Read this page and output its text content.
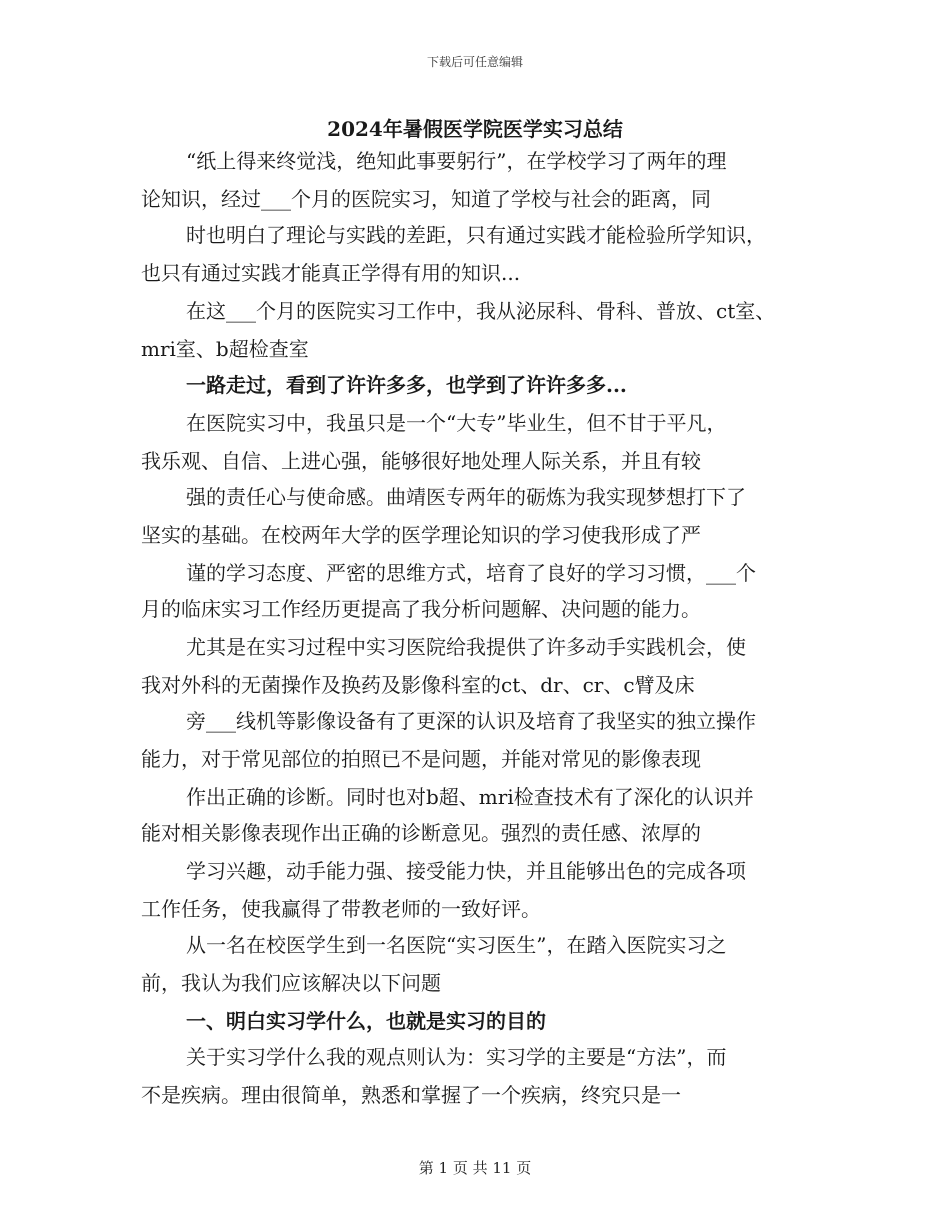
下载后可任意编辑
2024年暑假医学院医学实习总结
“纸上得来终觉浅，绝知此事要躬行”，在学校学习了两年的理
论知识，经过___个月的医院实习，知道了学校与社会的距离，同
时也明白了理论与实践的差距，只有通过实践才能检验所学知识，
也只有通过实践才能真正学得有用的知识...
在这___个月的医院实习工作中，我从泌尿科、骨科、普放、ct室、
mri室、b超检查室
一路走过，看到了许许多多，也学到了许许多多...
在医院实习中，我虽只是一个“大专”毕业生，但不甘于平凡，
我乐观、自信、上进心强，能够很好地处理人际关系，并且有较
强的责任心与使命感。曲靖医专两年的砺炼为我实现梦想打下了
坚实的基础。在校两年大学的医学理论知识的学习使我形成了严
谨的学习态度、严密的思维方式，培育了良好的学习习惯，___个
月的临床实习工作经历更提高了我分析问题解、决问题的能力。
尤其是在实习过程中实习医院给我提供了许多动手实践机会，使
我对外科的无菌操作及换药及影像科室的ct、dr、cr、c臂及床
旁___线机等影像设备有了更深的认识及培育了我坚实的独立操作
能力，对于常见部位的拍照已不是问题，并能对常见的影像表现
作出正确的诊断。同时也对b超、mri检查技术有了深化的认识并
能对相关影像表现作出正确的诊断意见。强烈的责任感、浓厚的
学习兴趣，动手能力强、接受能力快，并且能够出色的完成各项
工作任务，使我赢得了带教老师的一致好评。
从一名在校医学生到一名医院“实习医生”，在踏入医院实习之
前，我认为我们应该解决以下问题
一、明白实习学什么，也就是实习的目的
关于实习学什么我的观点则认为：实习学的主要是“方法”，而
不是疾病。理由很简单，熟悉和掌握了一个疾病，终究只是一
第 1 页 共 11 页
